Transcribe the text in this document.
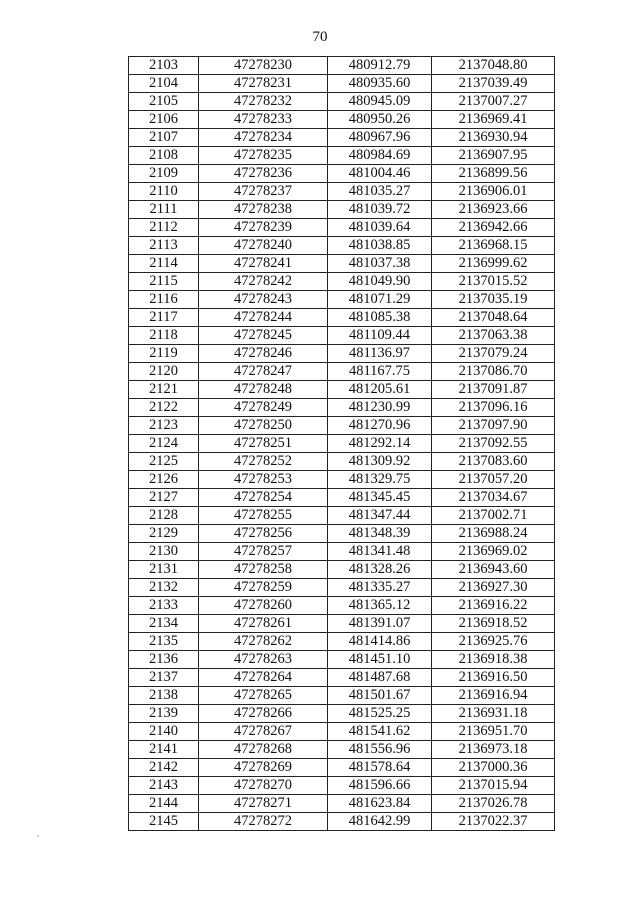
70
2103	47278230	480912.79	2137048.80
2104	47278231	480935.60	2137039.49
2105	47278232	480945.09	2137007.27
2106	47278233	480950.26	2136969.41
2107	47278234	480967.96	2136930.94
2108	47278235	480984.69	2136907.95
2109	47278236	481004.46	2136899.56
2110	47278237	481035.27	2136906.01
2111	47278238	481039.72	2136923.66
2112	47278239	481039.64	2136942.66
2113	47278240	481038.85	2136968.15
2114	47278241	481037.38	2136999.62
2115	47278242	481049.90	2137015.52
2116	47278243	481071.29	2137035.19
2117	47278244	481085.38	2137048.64
2118	47278245	481109.44	2137063.38
2119	47278246	481136.97	2137079.24
2120	47278247	481167.75	2137086.70
2121	47278248	481205.61	2137091.87
2122	47278249	481230.99	2137096.16
2123	47278250	481270.96	2137097.90
2124	47278251	481292.14	2137092.55
2125	47278252	481309.92	2137083.60
2126	47278253	481329.75	2137057.20
2127	47278254	481345.45	2137034.67
2128	47278255	481347.44	2137002.71
2129	47278256	481348.39	2136988.24
2130	47278257	481341.48	2136969.02
2131	47278258	481328.26	2136943.60
2132	47278259	481335.27	2136927.30
2133	47278260	481365.12	2136916.22
2134	47278261	481391.07	2136918.52
2135	47278262	481414.86	2136925.76
2136	47278263	481451.10	2136918.38
2137	47278264	481487.68	2136916.50
2138	47278265	481501.67	2136916.94
2139	47278266	481525.25	2136931.18
2140	47278267	481541.62	2136951.70
2141	47278268	481556.96	2136973.18
2142	47278269	481578.64	2137000.36
2143	47278270	481596.66	2137015.94
2144	47278271	481623.84	2137026.78
2145	47278272	481642.99	2137022.37
